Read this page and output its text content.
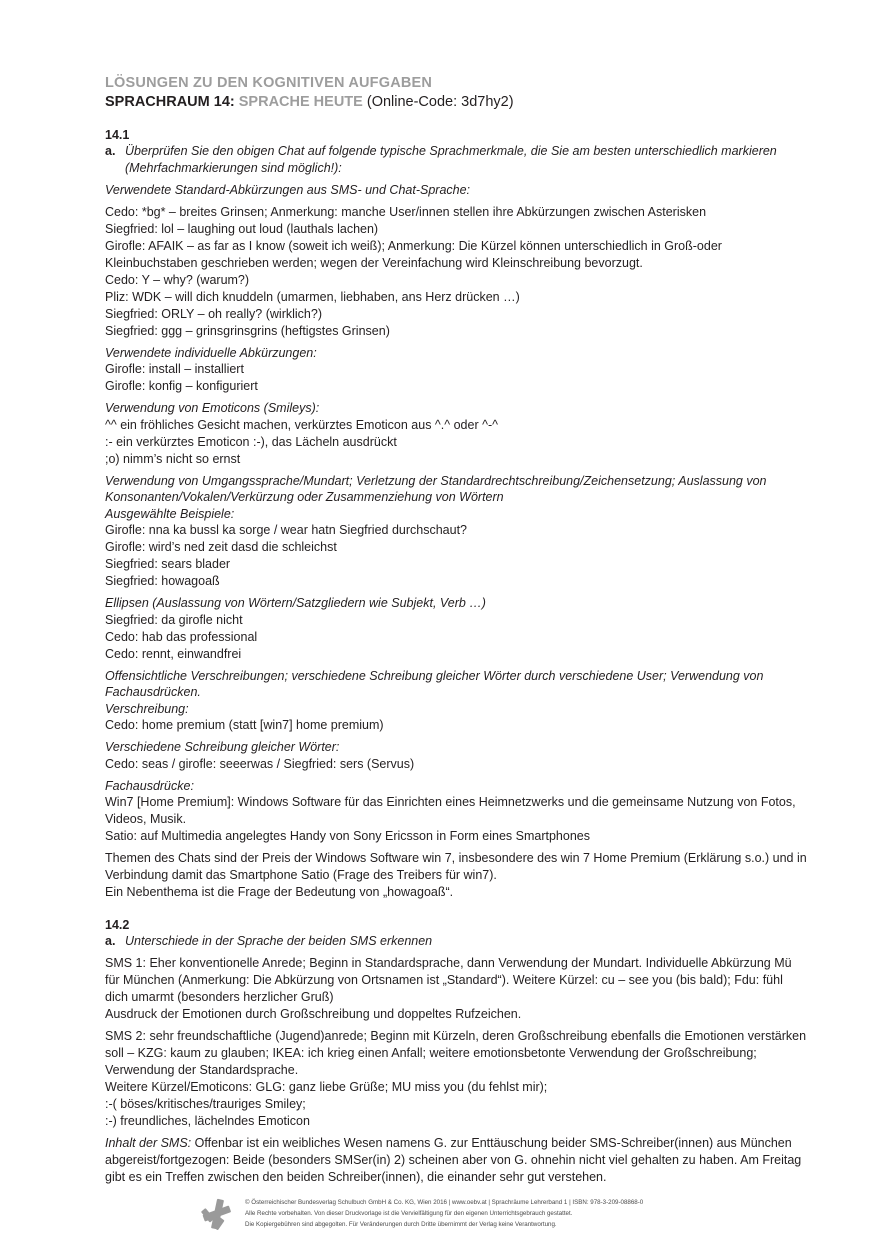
LÖSUNGEN ZU DEN KOGNITIVEN AUFGABEN
SPRACHRAUM 14: SPRACHE HEUTE (Online-Code: 3d7hy2)
14.1
a. Überprüfen Sie den obigen Chat auf folgende typische Sprachmerkmale, die Sie am besten unterschiedlich markieren (Mehrfachmarkierungen sind möglich!):
Verwendete Standard-Abkürzungen aus SMS- und Chat-Sprache:
Cedo: *bg* – breites Grinsen; Anmerkung: manche User/innen stellen ihre Abkürzungen zwischen Asterisken
Siegfried: lol – laughing out loud (lauthals lachen)
Girofle: AFAIK – as far as I know (soweit ich weiß); Anmerkung: Die Kürzel können unterschiedlich in Groß-oder
Kleinbuchstaben geschrieben werden; wegen der Vereinfachung wird Kleinschreibung bevorzugt.
Cedo: Y – why? (warum?)
Pliz: WDK – will dich knuddeln (umarmen, liebhaben, ans Herz drücken …)
Siegfried: ORLY – oh really? (wirklich?)
Siegfried: ggg – grinsgrinsgrins (heftigstes Grinsen)
Verwendete individuelle Abkürzungen:
Girofle: install – installiert
Girofle: konfig – konfiguriert
Verwendung von Emoticons (Smileys):
^^ ein fröhliches Gesicht machen, verkürztes Emoticon aus ^.^ oder ^-^
:- ein verkürztes Emoticon :-), das Lächeln ausdrückt
;o) nimm’s nicht so ernst
Verwendung von Umgangssprache/Mundart; Verletzung der Standardrechtschreibung/Zeichensetzung; Auslassung von
Konsonanten/Vokalen/Verkürzung oder Zusammenziehung von Wörtern
Ausgewählte Beispiele:
Girofle: nna ka bussl ka sorge / wear hatn Siegfried durchschaut?
Girofle: wird’s ned zeit dasd die schleichst
Siegfried: sears blader
Siegfried: howagoaß
Ellipsen (Auslassung von Wörtern/Satzgliedern wie Subjekt, Verb …)
Siegfried: da girofle nicht
Cedo: hab das professional
Cedo: rennt, einwandfrei
Offensichtliche Verschreibungen; verschiedene Schreibung gleicher Wörter durch verschiedene User; Verwendung von Fachausdrücken.
Verschreibung:
Cedo: home premium (statt [win7] home premium)
Verschiedene Schreibung gleicher Wörter:
Cedo: seas / girofle: seeerwas / Siegfried: sers (Servus)
Fachausdrücke:
Win7 [Home Premium]: Windows Software für das Einrichten eines Heimnetzwerks und die gemeinsame Nutzung von Fotos,
Videos, Musik.
Satio: auf Multimedia angelegtes Handy von Sony Ericsson in Form eines Smartphones
Themen des Chats sind der Preis der Windows Software win 7, insbesondere des win 7 Home Premium (Erklärung s.o.) und in
Verbindung damit das Smartphone Satio (Frage des Treibers für win7).
Ein Nebenthema ist die Frage der Bedeutung von „howagoaß“.
14.2
a. Unterschiede in der Sprache der beiden SMS erkennen
SMS 1: Eher konventionelle Anrede; Beginn in Standardsprache, dann Verwendung der Mundart. Individuelle Abkürzung Mü
für München (Anmerkung: Die Abkürzung von Ortsnamen ist „Standard“). Weitere Kürzel: cu – see you (bis bald); Fdu: fühl
dich umarmt (besonders herzlicher Gruß)
Ausdruck der Emotionen durch Großschreibung und doppeltes Rufzeichen.
SMS 2: sehr freundschaftliche (Jugend)anrede; Beginn mit Kürzeln, deren Großschreibung ebenfalls die Emotionen verstärken
soll – KZG: kaum zu glauben; IKEA: ich krieg einen Anfall; weitere emotionsbetonte Verwendung der Großschreibung;
Verwendung der Standardsprache.
Weitere Kürzel/Emoticons: GLG: ganz liebe Grüße; MU miss you (du fehlst mir);
:-( böses/kritisches/trauriges Smiley;
:-) freundliches, lächelndes Emoticon
Inhalt der SMS: Offenbar ist ein weibliches Wesen namens G. zur Enttäuschung beider SMS-Schreiber(innen) aus München
abgereist/fortgezogen: Beide (besonders SMSer(in) 2) scheinen aber von G. ohnehin nicht viel gehalten zu haben. Am Freitag
gibt es ein Treffen zwischen den beiden Schreiber(innen), die einander sehr gut verstehen.
© Österreichischer Bundesverlag Schulbuch GmbH & Co. KG, Wien 2016 | www.oebv.at | Sprachräume Lehrerband 1 | ISBN: 978-3-209-08868-0
Alle Rechte vorbehalten. Von dieser Druckvorlage ist die Vervielfältigung für den eigenen Unterrichtsgebrauch gestattet.
Die Kopiergebühren sind abgegolten. Für Veränderungen durch Dritte übernimmt der Verlag keine Verantwortung.
